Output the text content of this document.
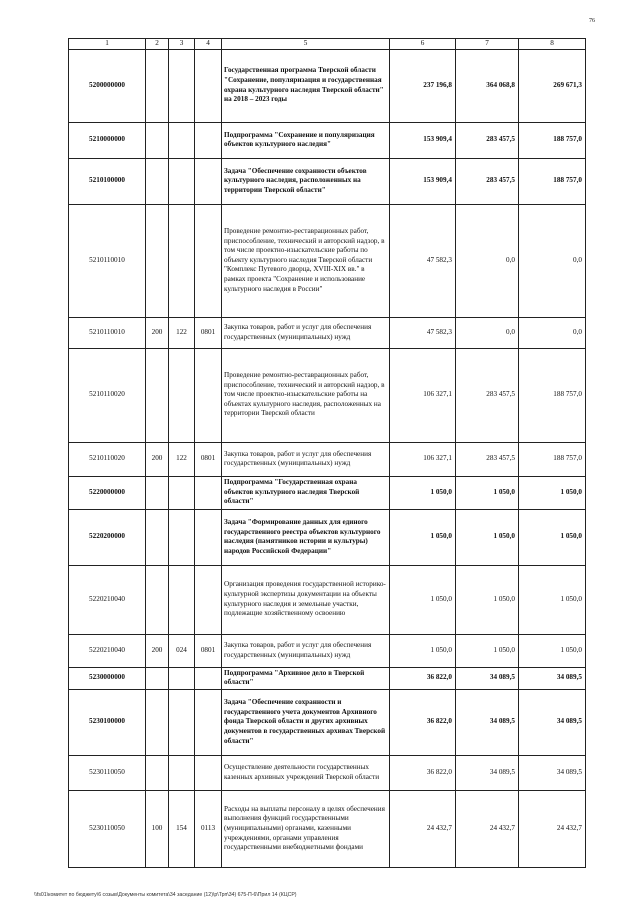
76
1	2	3	4	5	6	7	8
5200000000				Государственная программа Тверской области "Сохранение, популяризация и государственная охрана культурного наследия Тверской области" на 2018 – 2023 годы	237 196,8	364 068,8	269 671,3
5210000000				Подпрограмма "Сохранение и популяризация объектов культурного наследия"	153 909,4	283 457,5	188 757,0
5210100000				Задача "Обеспечение сохранности объектов культурного наследия, расположенных на территории Тверской области"	153 909,4	283 457,5	188 757,0
5210110010				Проведение ремонтно-реставрационных работ, приспособление, технический и авторский надзор, в том числе проектно-изыскательские работы по объекту культурного наследия Тверской области "Комплекс Путевого дворца, XVIII-XIX вв." в рамках проекта "Сохранение и использование культурного наследия в России"	47 582,3	0,0	0,0
5210110010	200	122	0801	Закупка товаров, работ и услуг для обеспечения государственных (муниципальных) нужд	47 582,3	0,0	0,0
5210110020				Проведение ремонтно-реставрационных работ, приспособление, технический и авторский надзор, в том числе проектно-изыскательские работы на объектах культурного наследия, расположенных на территории Тверской области	106 327,1	283 457,5	188 757,0
5210110020	200	122	0801	Закупка товаров, работ и услуг для обеспечения государственных (муниципальных) нужд	106 327,1	283 457,5	188 757,0
5220000000				Подпрограмма "Государственная охрана объектов культурного наследия Тверской области"	1 050,0	1 050,0	1 050,0
5220200000				Задача "Формирование данных для единого государственного реестра объектов культурного наследия (памятников истории и культуры) народов Российской Федерации"	1 050,0	1 050,0	1 050,0
5220210040				Организация проведения государственной историко-культурной экспертизы документации на объекты культурного наследия и земельные участки, подлежащие хозяйственному освоению	1 050,0	1 050,0	1 050,0
5220210040	200	024	0801	Закупка товаров, работ и услуг для обеспечения государственных (муниципальных) нужд	1 050,0	1 050,0	1 050,0
5230000000				Подпрограмма "Архивное дело в Тверской области"	36 822,0	34 089,5	34 089,5
5230100000				Задача "Обеспечение сохранности и государственного учета документов Архивного фонда Тверской области и других архивных документов в государственных архивах Тверской области"	36 822,0	34 089,5	34 089,5
5230110050				Осуществление деятельности государственных казенных архивных учреждений Тверской области	36 822,0	34 089,5	34 089,5
5230110050	100	154	0113	Расходы на выплаты персоналу в целях обеспечения выполнения функций государственными (муниципальными) органами, казенными учреждениями, органами управления государственными внебюджетными фондами	24 432,7	24 432,7	24 432,7
\\fs01\комитет по бюджету\6 созыв\Документы комитета\34 заседание (12)\р\Трп\34) 675-П-6\Прил 14 (КЦСР)
